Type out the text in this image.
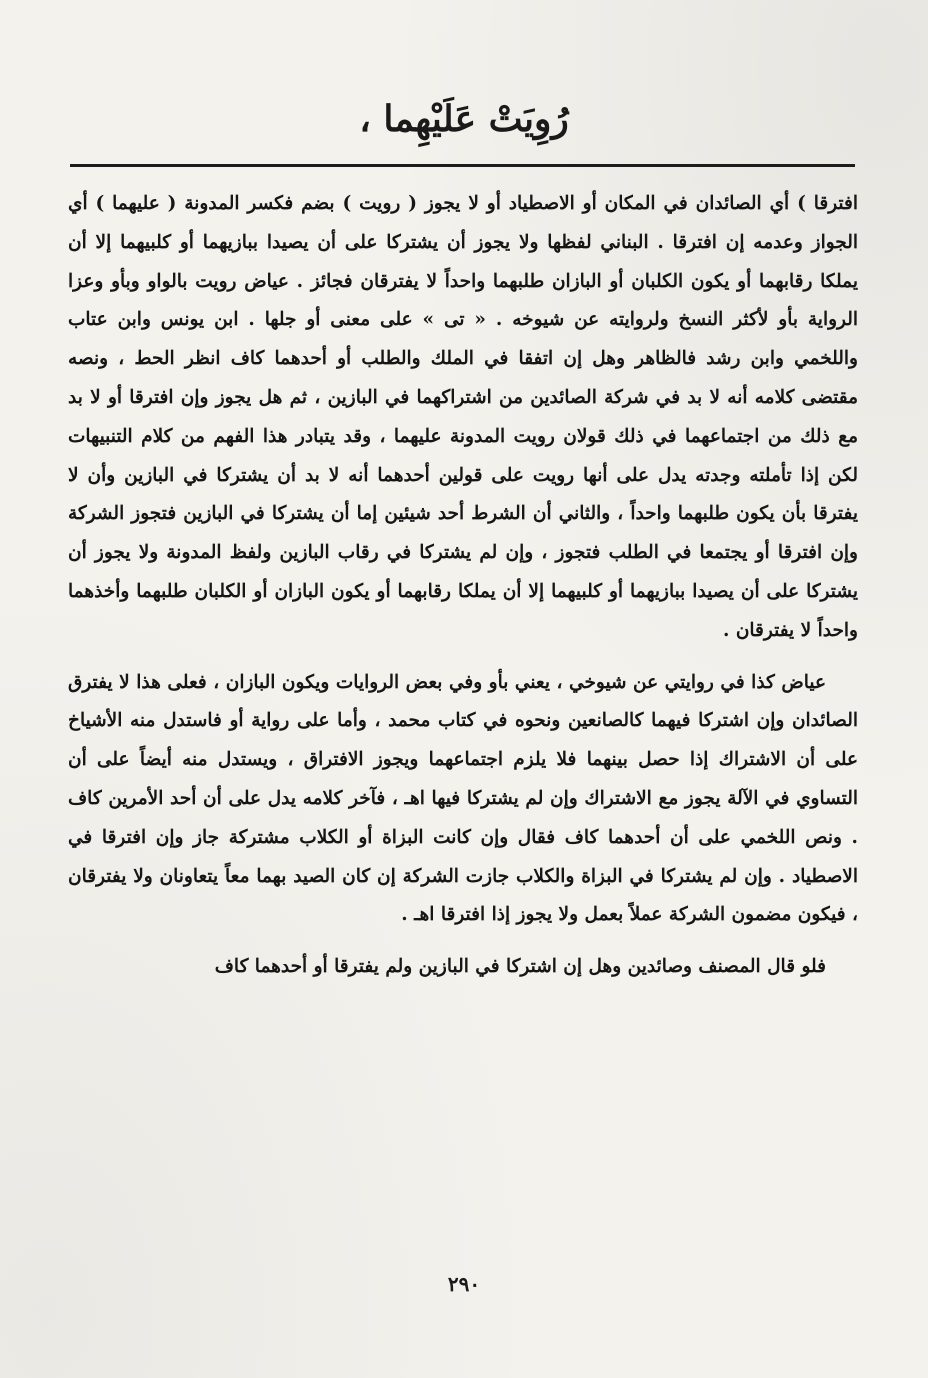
رُوِيَتْ عَلَيْهِما ،

افترقا ) أي الصائدان في المكان أو الاصطياد أو لا يجوز ( رويت ) بضم فكسر المدونة ( عليهما ) أي الجواز وعدمه إن افترقا . البناني لفظها ولا يجوز أن يشتركا على أن يصيدا ببازيهما أو كلبيهما إلا أن يملكا رقابهما أو يكون الكلبان أو البازان طلبهما واحداً لا يفترقان فجائز . عياض رويت بالواو وبأو وعزا الرواية بأو لأكثر النسخ ولروايته عن شيوخه . « تى » على معنى أو جلها . ابن يونس وابن عتاب واللخمي وابن رشد فالظاهر وهل إن اتفقا في الملك والطلب أو أحدهما كاف انظر الحط ، ونصه مقتضى كلامه أنه لا بد في شركة الصائدين من اشتراكهما في البازين ، ثم هل يجوز وإن افترقا أو لا بد مع ذلك من اجتماعهما في ذلك قولان رويت المدونة عليهما ، وقد يتبادر هذا الفهم من كلام التنبيهات لكن إذا تأملته وجدته يدل على أنها رويت على قولين أحدهما أنه لا بد أن يشتركا في البازين وأن لا يفترقا بأن يكون طلبهما واحداً ، والثاني أن الشرط أحد شيئين إما أن يشتركا في البازين فتجوز الشركة وإن افترقا أو يجتمعا في الطلب فتجوز ، وإن لم يشتركا في رقاب البازين ولفظ المدونة ولا يجوز أن يشتركا على أن يصيدا ببازيهما أو كلبيهما إلا أن يملكا رقابهما أو يكون البازان أو الكلبان طلبهما وأخذهما واحداً لا يفترقان .

عياض كذا في روايتي عن شيوخي ، يعني بأو وفي بعض الروايات ويكون البازان ، فعلى هذا لا يفترق الصائدان وإن اشتركا فيهما كالصانعين ونحوه في كتاب محمد ، وأما على رواية أو فاستدل منه الأشياخ على أن الاشتراك إذا حصل بينهما فلا يلزم اجتماعهما ويجوز الافتراق ، ويستدل منه أيضاً على أن التساوي في الآلة يجوز مع الاشتراك وإن لم يشتركا فيها اهـ ، فآخر كلامه يدل على أن أحد الأمرين كاف . ونص اللخمي على أن أحدهما كاف فقال وإن كانت البزاة أو الكلاب مشتركة جاز وإن افترقا في الاصطياد . وإن لم يشتركا في البزاة والكلاب جازت الشركة إن كان الصيد بهما معاً يتعاونان ولا يفترقان ، فيكون مضمون الشركة عملاً بعمل ولا يجوز إذا افترقا اهـ .

فلو قال المصنف وصائدين وهل إن اشتركا في البازين ولم يفترقا أو أحدهما كاف

٢٩٠
